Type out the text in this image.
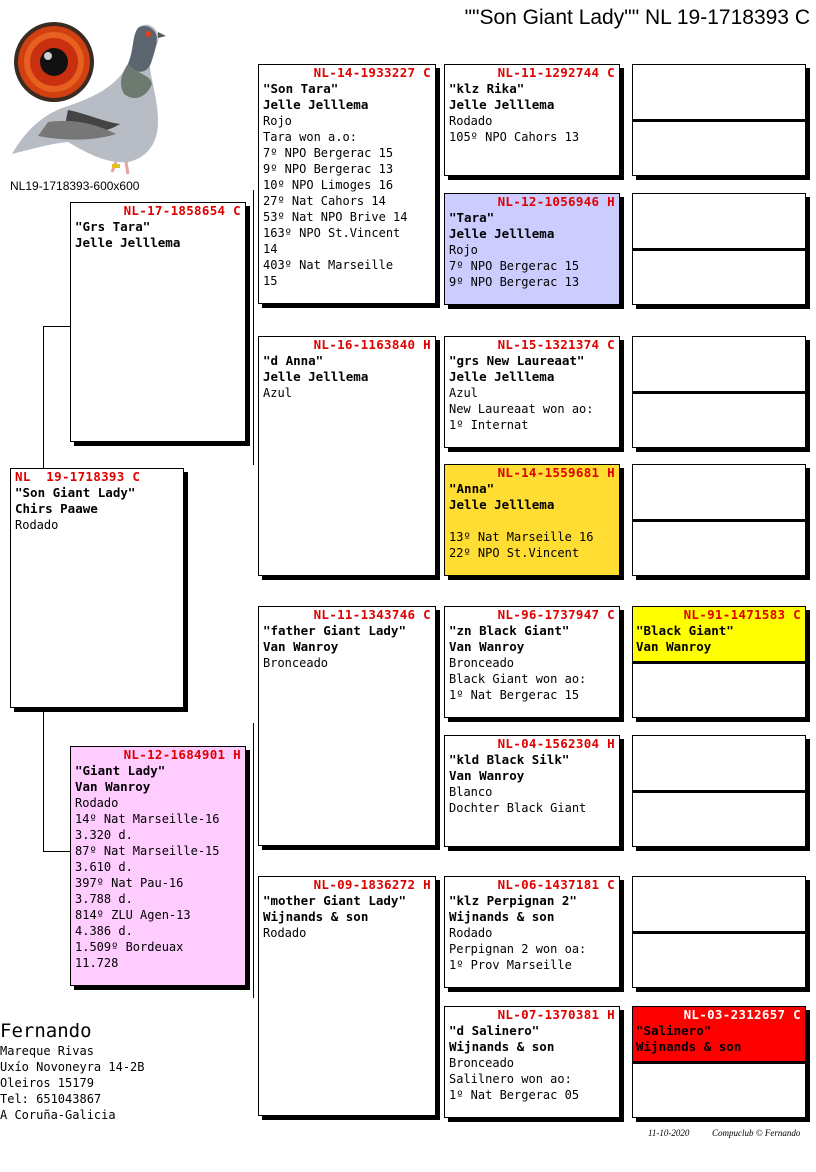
""Son Giant Lady"" NL 19-1718393 C
NL19-1718393-600x600
NL  19-1718393 C
"Son Giant Lady"
Chirs Paawe
Rodado
NL-17-1858654 C
"Grs Tara"
Jelle Jelllema
NL-12-1684901 H
"Giant Lady"
Van Wanroy
Rodado
14º Nat Marseille-16
3.320 d.
87º Nat Marseille-15
3.610 d.
397º Nat Pau-16
3.788 d.
814º ZLU Agen-13
4.386 d.
1.509º Bordeuax
11.728
NL-14-1933227 C
"Son Tara"
Jelle Jelllema
Rojo
Tara won a.o:
7º NPO Bergerac 15
9º NPO Bergerac 13
10º NPO Limoges 16
27º Nat Cahors 14
53º Nat NPO Brive 14
163º NPO St.Vincent
14
403º Nat Marseille
15
NL-16-1163840 H
"d Anna"
Jelle Jelllema
Azul
NL-11-1343746 C
"father Giant Lady"
Van Wanroy
Bronceado
NL-09-1836272 H
"mother Giant Lady"
Wijnands & son
Rodado
NL-11-1292744 C
"klz Rika"
Jelle Jelllema
Rodado
105º NPO Cahors 13
NL-12-1056946 H
"Tara"
Jelle Jelllema
Rojo
7º NPO Bergerac 15
9º NPO Bergerac 13
NL-15-1321374 C
"grs New Laureaat"
Jelle Jelllema
Azul
New Laureaat won ao:
1º Internat
NL-14-1559681 H
"Anna"
Jelle Jelllema
13º Nat Marseille 16
22º NPO St.Vincent
NL-96-1737947 C
"zn Black Giant"
Van Wanroy
Bronceado
Black Giant won ao:
1º Nat Bergerac 15
NL-04-1562304 H
"kld Black Silk"
Van Wanroy
Blanco
Dochter Black Giant
NL-06-1437181 C
"klz Perpignan 2"
Wijnands & son
Rodado
Perpignan 2 won oa:
1º Prov Marseille
NL-07-1370381 H
"d Salinero"
Wijnands & son
Bronceado
Salilnero won ao:
1º Nat Bergerac 05
NL-91-1471583 C
"Black Giant"
Van Wanroy
NL-03-2312657 C
"Salinero"
Wijnands & son
Fernando
Mareque Rivas
Uxío Novoneyra 14-2B
Oleiros 15179
Tel: 651043867
A Coruña-Galicia
11-10-2020	Compuclub © Fernando
